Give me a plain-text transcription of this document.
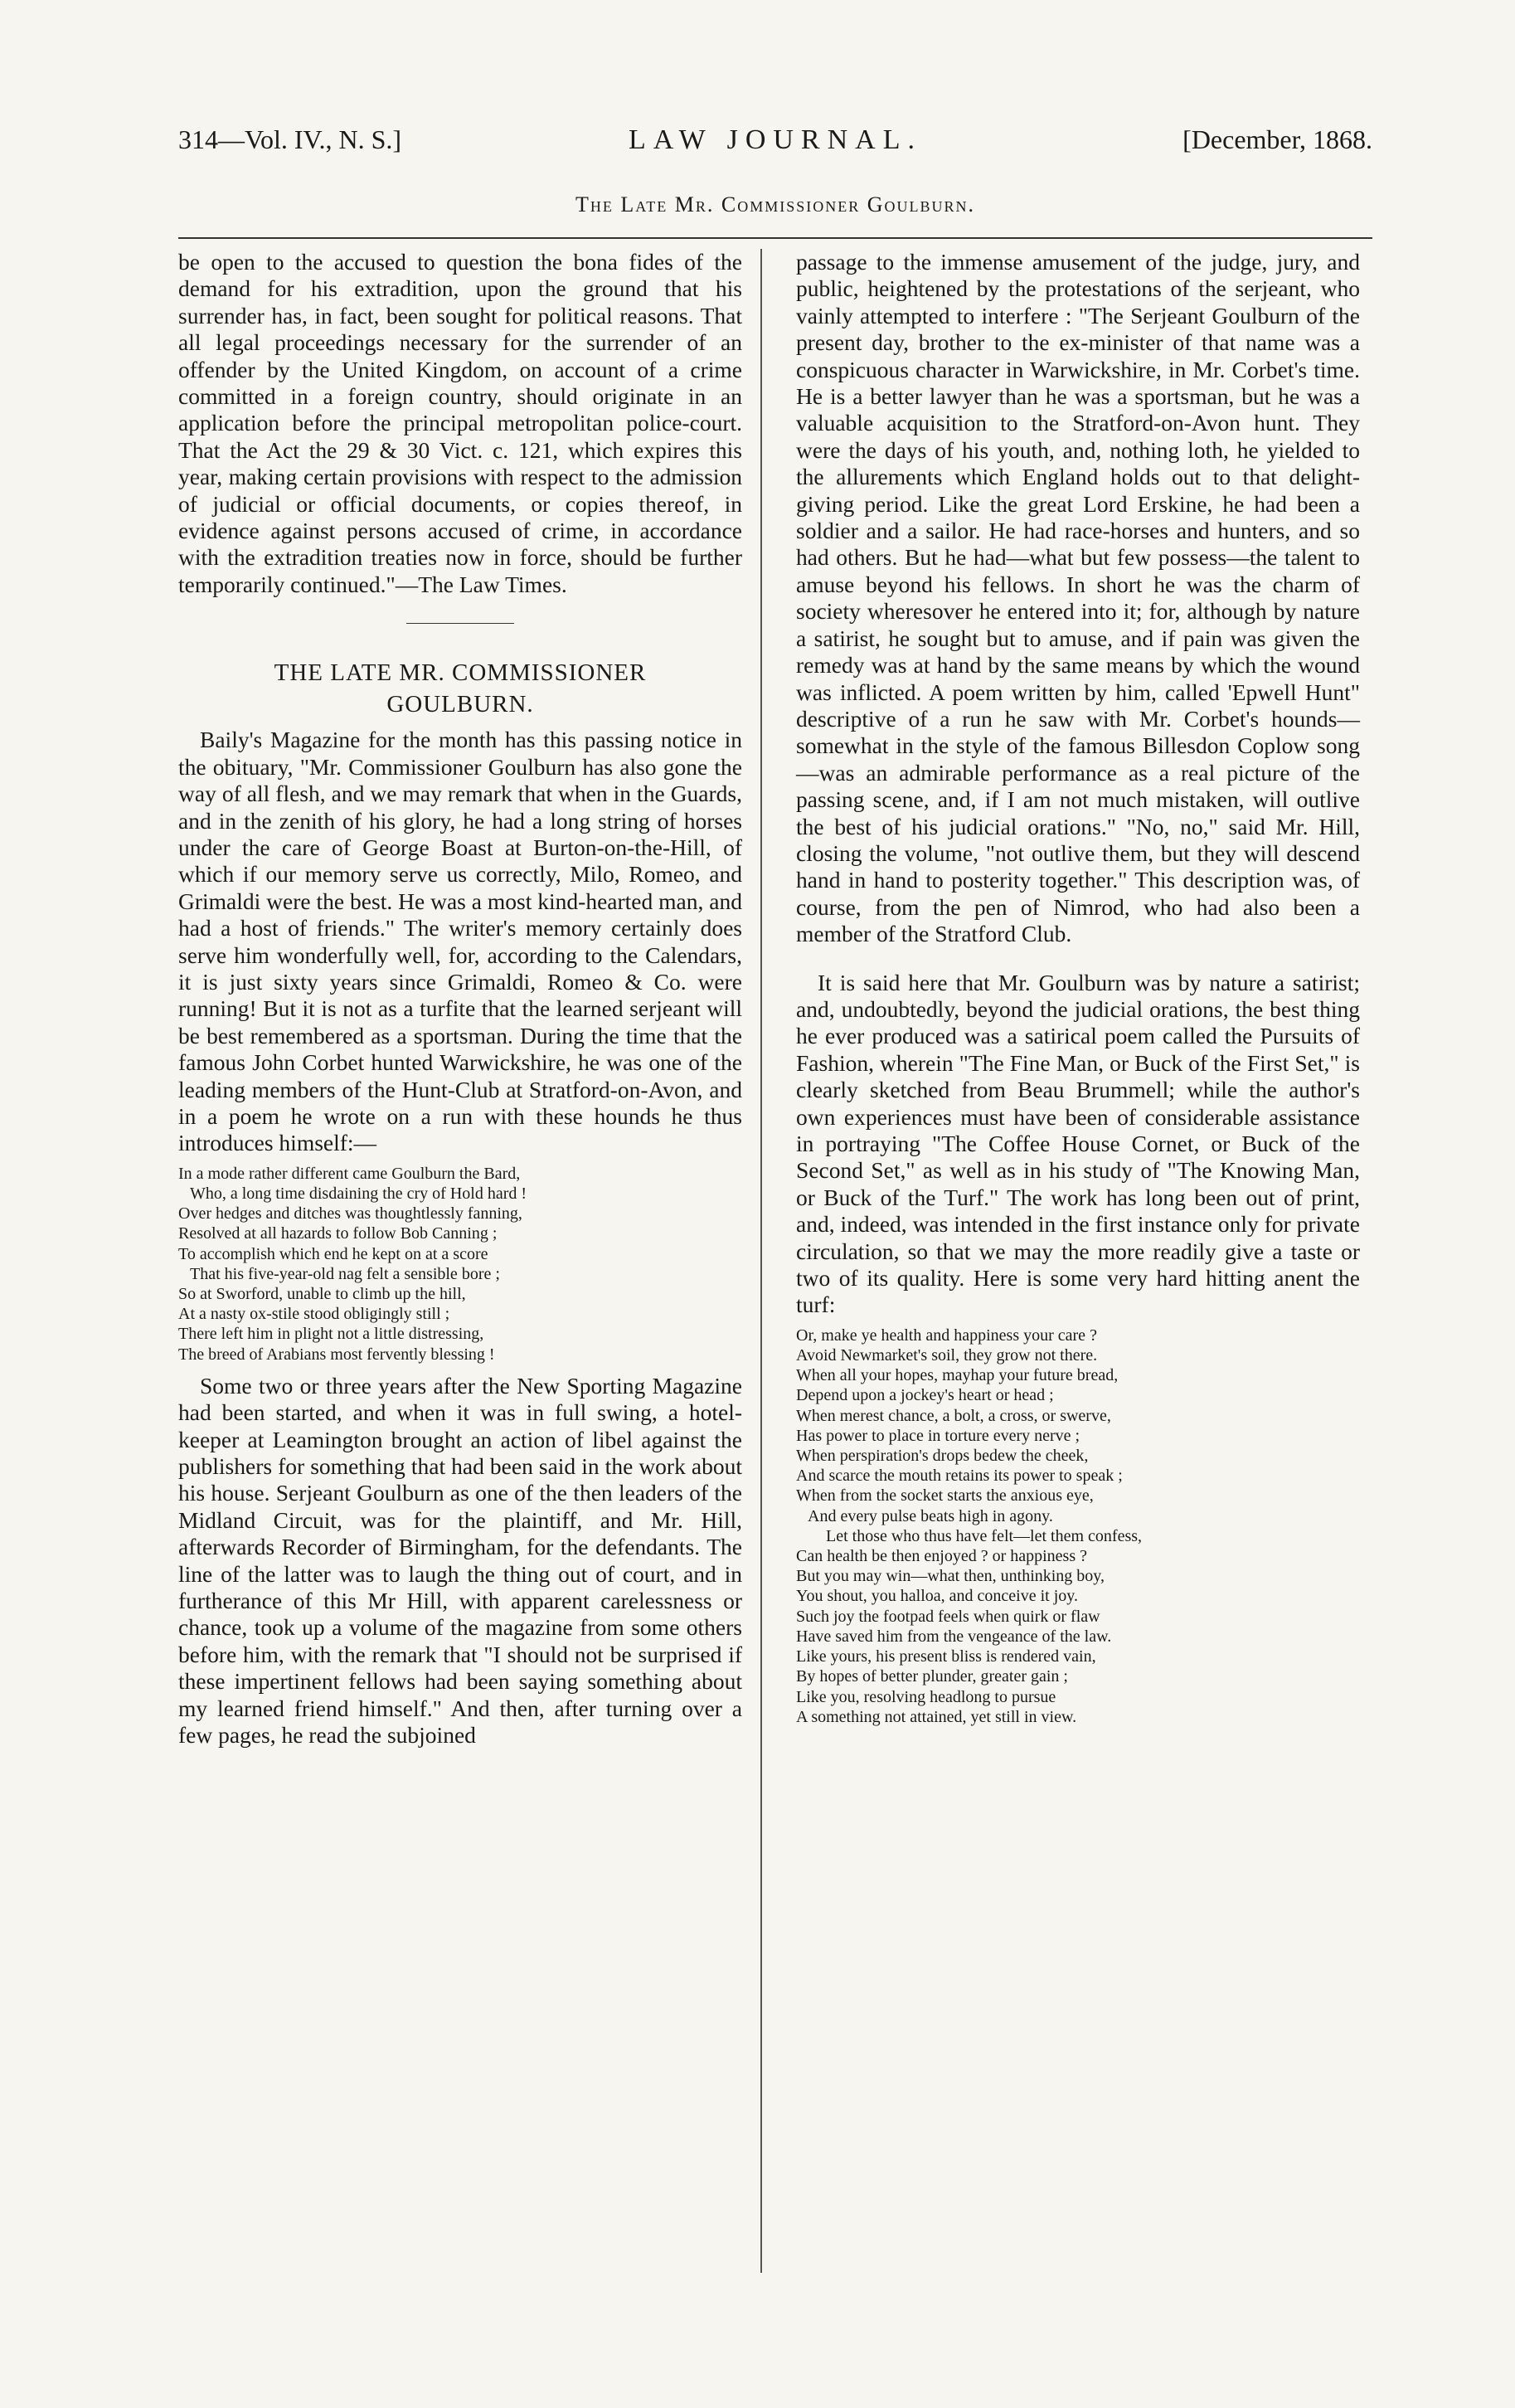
314—Vol. IV., N. S.]	LAW JOURNAL.	[December, 1868.
The Late Mr. Commissioner Goulburn.

be open to the accused to question the bona fides of the demand for his extradition, upon the ground that his surrender has, in fact, been sought for political reasons. That all legal proceedings necessary for the surrender of an offender by the United Kingdom, on account of a crime committed in a foreign country, should originate in an application before the principal metropolitan police-court. That the Act the 29 & 30 Vict. c. 121, which expires this year, making certain provisions with respect to the admission of judicial or official documents, or copies thereof, in evidence against persons accused of crime, in accordance with the extradition treaties now in force, should be further temporarily continued."—The Law Times.

THE LATE MR. COMMISSIONER
GOULBURN.

Baily's Magazine for the month has this passing notice in the obituary, "Mr. Commissioner Goulburn has also gone the way of all flesh, and we may remark that when in the Guards, and in the zenith of his glory, he had a long string of horses under the care of George Boast at Burton-on-the-Hill, of which if our memory serve us correctly, Milo, Romeo, and Grimaldi were the best. He was a most kind-hearted man, and had a host of friends." The writer's memory certainly does serve him wonderfully well, for, according to the Calendars, it is just sixty years since Grimaldi, Romeo & Co. were running! But it is not as a turfite that the learned serjeant will be best remembered as a sportsman. During the time that the famous John Corbet hunted Warwickshire, he was one of the leading members of the Hunt-Club at Stratford-on-Avon, and in a poem he wrote on a run with these hounds he thus introduces himself:—

In a mode rather different came Goulburn the Bard,
Who, a long time disdaining the cry of Hold hard !
Over hedges and ditches was thoughtlessly fanning,
Resolved at all hazards to follow Bob Canning ;
To accomplish which end he kept on at a score
That his five-year-old nag felt a sensible bore ;
So at Sworford, unable to climb up the hill,
At a nasty ox-stile stood obligingly still ;
There left him in plight not a little distressing,
The breed of Arabians most fervently blessing !

Some two or three years after the New Sporting Magazine had been started, and when it was in full swing, a hotel-keeper at Leamington brought an action of libel against the publishers for something that had been said in the work about his house. Serjeant Goulburn as one of the then leaders of the Midland Circuit, was for the plaintiff, and Mr. Hill, afterwards Recorder of Birmingham, for the defendants. The line of the latter was to laugh the thing out of court, and in furtherance of this Mr Hill, with apparent carelessness or chance, took up a volume of the magazine from some others before him, with the remark that "I should not be surprised if these impertinent fellows had been saying something about my learned friend himself." And then, after turning over a few pages, he read the subjoined

passage to the immense amusement of the judge, jury, and public, heightened by the protestations of the serjeant, who vainly attempted to interfere : "The Serjeant Goulburn of the present day, brother to the ex-minister of that name was a conspicuous character in Warwickshire, in Mr. Corbet's time. He is a better lawyer than he was a sportsman, but he was a valuable acquisition to the Stratford-on-Avon hunt. They were the days of his youth, and, nothing loth, he yielded to the allurements which England holds out to that delight-giving period. Like the great Lord Erskine, he had been a soldier and a sailor. He had race-horses and hunters, and so had others. But he had—what but few possess—the talent to amuse beyond his fellows. In short he was the charm of society wheresover he entered into it; for, although by nature a satirist, he sought but to amuse, and if pain was given the remedy was at hand by the same means by which the wound was inflicted. A poem written by him, called 'Epwell Hunt" descriptive of a run he saw with Mr. Corbet's hounds—somewhat in the style of the famous Billesdon Coplow song—was an admirable performance as a real picture of the passing scene, and, if I am not much mistaken, will outlive the best of his judicial orations." "No, no," said Mr. Hill, closing the volume, "not outlive them, but they will descend hand in hand to posterity together." This description was, of course, from the pen of Nimrod, who had also been a member of the Stratford Club.

It is said here that Mr. Goulburn was by nature a satirist; and, undoubtedly, beyond the judicial orations, the best thing he ever produced was a satirical poem called the Pursuits of Fashion, wherein "The Fine Man, or Buck of the First Set," is clearly sketched from Beau Brummell; while the author's own experiences must have been of considerable assistance in portraying "The Coffee House Cornet, or Buck of the Second Set," as well as in his study of "The Knowing Man, or Buck of the Turf." The work has long been out of print, and, indeed, was intended in the first instance only for private circulation, so that we may the more readily give a taste or two of its quality. Here is some very hard hitting anent the turf:

Or, make ye health and happiness your care ?
Avoid Newmarket's soil, they grow not there.
When all your hopes, mayhap your future bread,
Depend upon a jockey's heart or head ;
When merest chance, a bolt, a cross, or swerve,
Has power to place in torture every nerve ;
When perspiration's drops bedew the cheek,
And scarce the mouth retains its power to speak ;
When from the socket starts the anxious eye,
And every pulse beats high in agony.
Let those who thus have felt—let them confess,
Can health be then enjoyed ? or happiness ?
But you may win—what then, unthinking boy,
You shout, you halloa, and conceive it joy.
Such joy the footpad feels when quirk or flaw
Have saved him from the vengeance of the law.
Like yours, his present bliss is rendered vain,
By hopes of better plunder, greater gain ;
Like you, resolving headlong to pursue
A something not attained, yet still in view.
